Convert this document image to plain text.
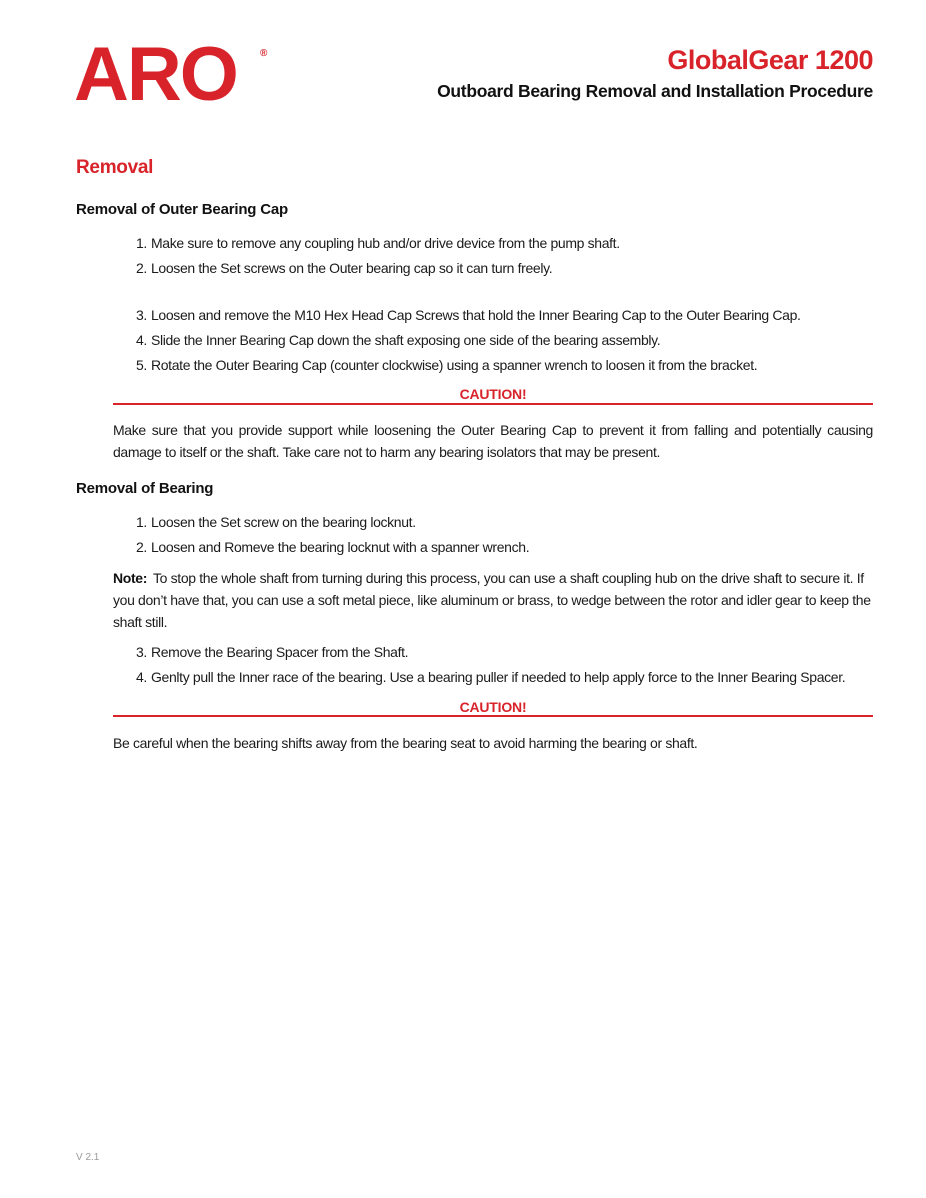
ARO ®	GlobalGear 1200
Outboard Bearing Removal and Installation Procedure
Removal
Removal of Outer Bearing Cap
1. Make sure to remove any coupling hub and/or drive device from the pump shaft.
2. Loosen the Set screws on the Outer bearing cap so it can turn freely.
3. Loosen and remove the M10 Hex Head Cap Screws that hold the Inner Bearing Cap to the Outer Bearing Cap.
4. Slide the Inner Bearing Cap down the shaft exposing one side of the bearing assembly.
5. Rotate the Outer Bearing Cap (counter clockwise) using a spanner wrench to loosen it from the bracket.
CAUTION!
Make sure that you provide support while loosening the Outer Bearing Cap to prevent it from falling and potentially causing damage to itself or the shaft. Take care not to harm any bearing isolators that may be present.
Removal of Bearing
1. Loosen the Set screw on the bearing locknut.
2. Loosen and Romeve the bearing locknut with a spanner wrench.
Note: To stop the whole shaft from turning during this process, you can use a shaft coupling hub on the drive shaft to secure it. If you don’t have that, you can use a soft metal piece, like aluminum or brass, to wedge between the rotor and idler gear to keep the shaft still.
3. Remove the Bearing Spacer from the Shaft.
4. Genlty pull the Inner race of the bearing. Use a bearing puller if needed to help apply force to the Inner Bearing Spacer.
CAUTION!
Be careful when the bearing shifts away from the bearing seat to avoid harming the bearing or shaft.
V 2.1
